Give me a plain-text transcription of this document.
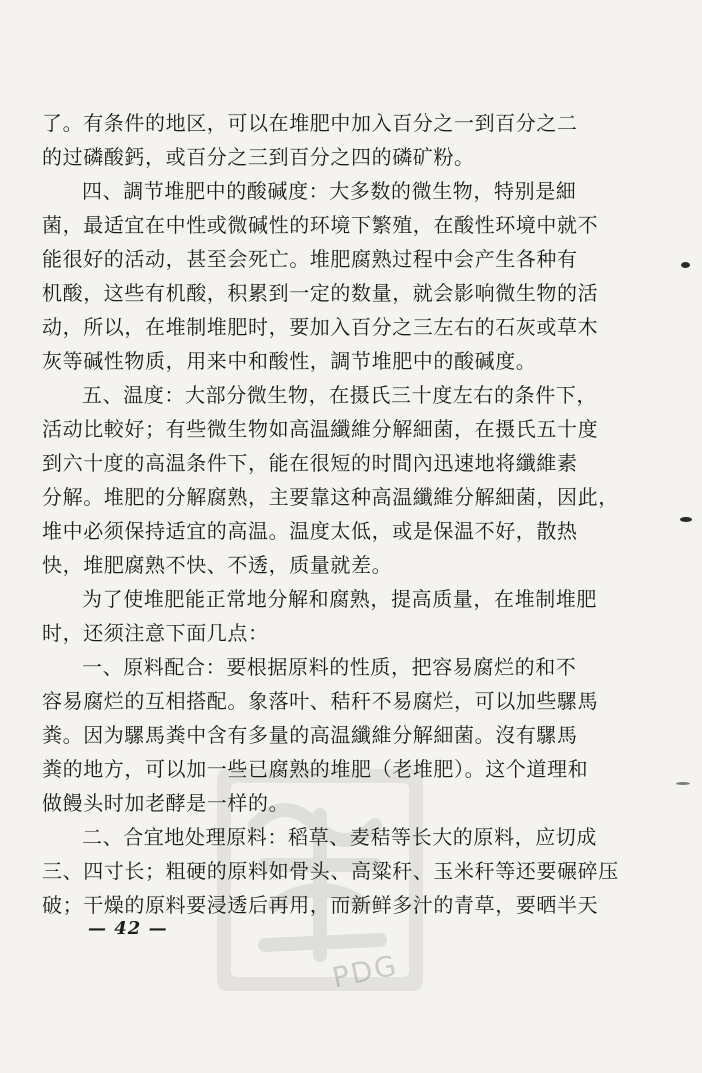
PDG
了。有条件的地区，可以在堆肥中加入百分之一到百分之二
的过磷酸鈣，或百分之三到百分之四的磷矿粉。
四、調节堆肥中的酸碱度：大多数的微生物，特别是細
菌，最适宜在中性或微碱性的环境下繁殖，在酸性环境中就不
能很好的活动，甚至会死亡。堆肥腐熟过程中会产生各种有
机酸，这些有机酸，积累到一定的数量，就会影响微生物的活
动，所以，在堆制堆肥时，要加入百分之三左右的石灰或草木
灰等碱性物质，用来中和酸性，調节堆肥中的酸碱度。
五、温度：大部分微生物，在摄氏三十度左右的条件下，
活动比較好；有些微生物如高温纖維分解細菌，在摄氏五十度
到六十度的高温条件下，能在很短的时間內迅速地将纖維素
分解。堆肥的分解腐熟，主要靠这种高温纖維分解細菌，因此，
堆中必须保持适宜的高温。温度太低，或是保温不好，散热
快，堆肥腐熟不快、不透，质量就差。
为了使堆肥能正常地分解和腐熟，提高质量，在堆制堆肥
时，还须注意下面几点：
一、原料配合：要根据原料的性质，把容易腐烂的和不
容易腐烂的互相搭配。象落叶、秸秆不易腐烂，可以加些騾馬
粪。因为騾馬粪中含有多量的高温纖維分解細菌。沒有騾馬
粪的地方，可以加一些已腐熟的堆肥（老堆肥）。这个道理和
做饅头时加老酵是一样的。
二、合宜地处理原料：稻草、麦秸等长大的原料，应切成
三、四寸长；粗硬的原料如骨头、高粱秆、玉米秆等还要碾碎压
破；干燥的原料要浸透后再用，而新鲜多汁的青草，要晒半天
— 42 —
